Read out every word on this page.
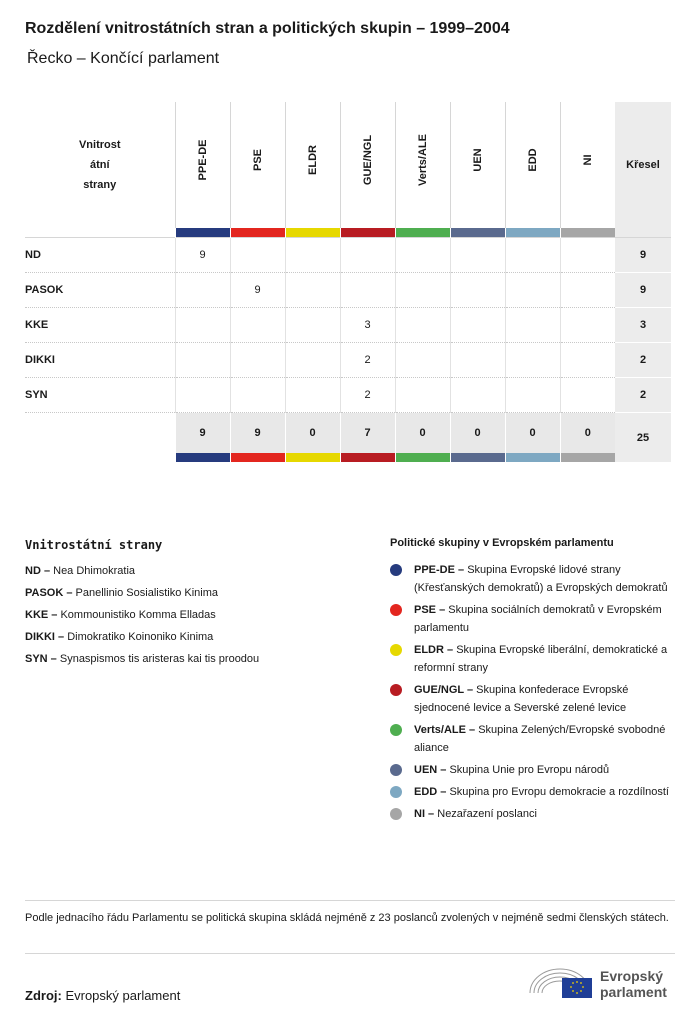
Rozdělení vnitrostátních stran a politických skupin – 1999–2004
Řecko – Končící parlament
Vnitrost
átní
strany	PPE-DE	PSE	ELDR	GUE/NGL	Verts/ALE	UEN	EDD	NI	Křesel

ND	9								9
PASOK		9							9
KKE				3					3
DIKKI				2					2
SYN				2					2
	9	9	0	7	0	0	0	0	25

Vnitrostátní strany
ND – Nea Dhimokratia
PASOK – Panellinio Sosialistiko Kinima
KKE – Kommounistiko Komma Elladas
DIKKI – Dimokratiko Koinoniko Kinima
SYN – Synaspismos tis aristeras kai tis proodou
Politické skupiny v Evropském parlamentu
PPE-DE – Skupina Evropské lidové strany (Křesťanských demokratů) a Evropských demokratů
PSE – Skupina sociálních demokratů v Evropském parlamentu
ELDR – Skupina Evropské liberální, demokratické a reformní strany
GUE/NGL – Skupina konfederace Evropské sjednocené levice a Severské zelené levice
Verts/ALE – Skupina Zelených/Evropské svobodné aliance
UEN – Skupina Unie pro Evropu národů
EDD – Skupina pro Evropu demokracie a rozdílností
NI – Nezařazení poslanci
Podle jednacího řádu Parlamentu se politická skupina skládá nejméně z 23 poslanců zvolených v nejméně sedmi členských státech.
Zdroj: Evropský parlament
Evropský
parlament
